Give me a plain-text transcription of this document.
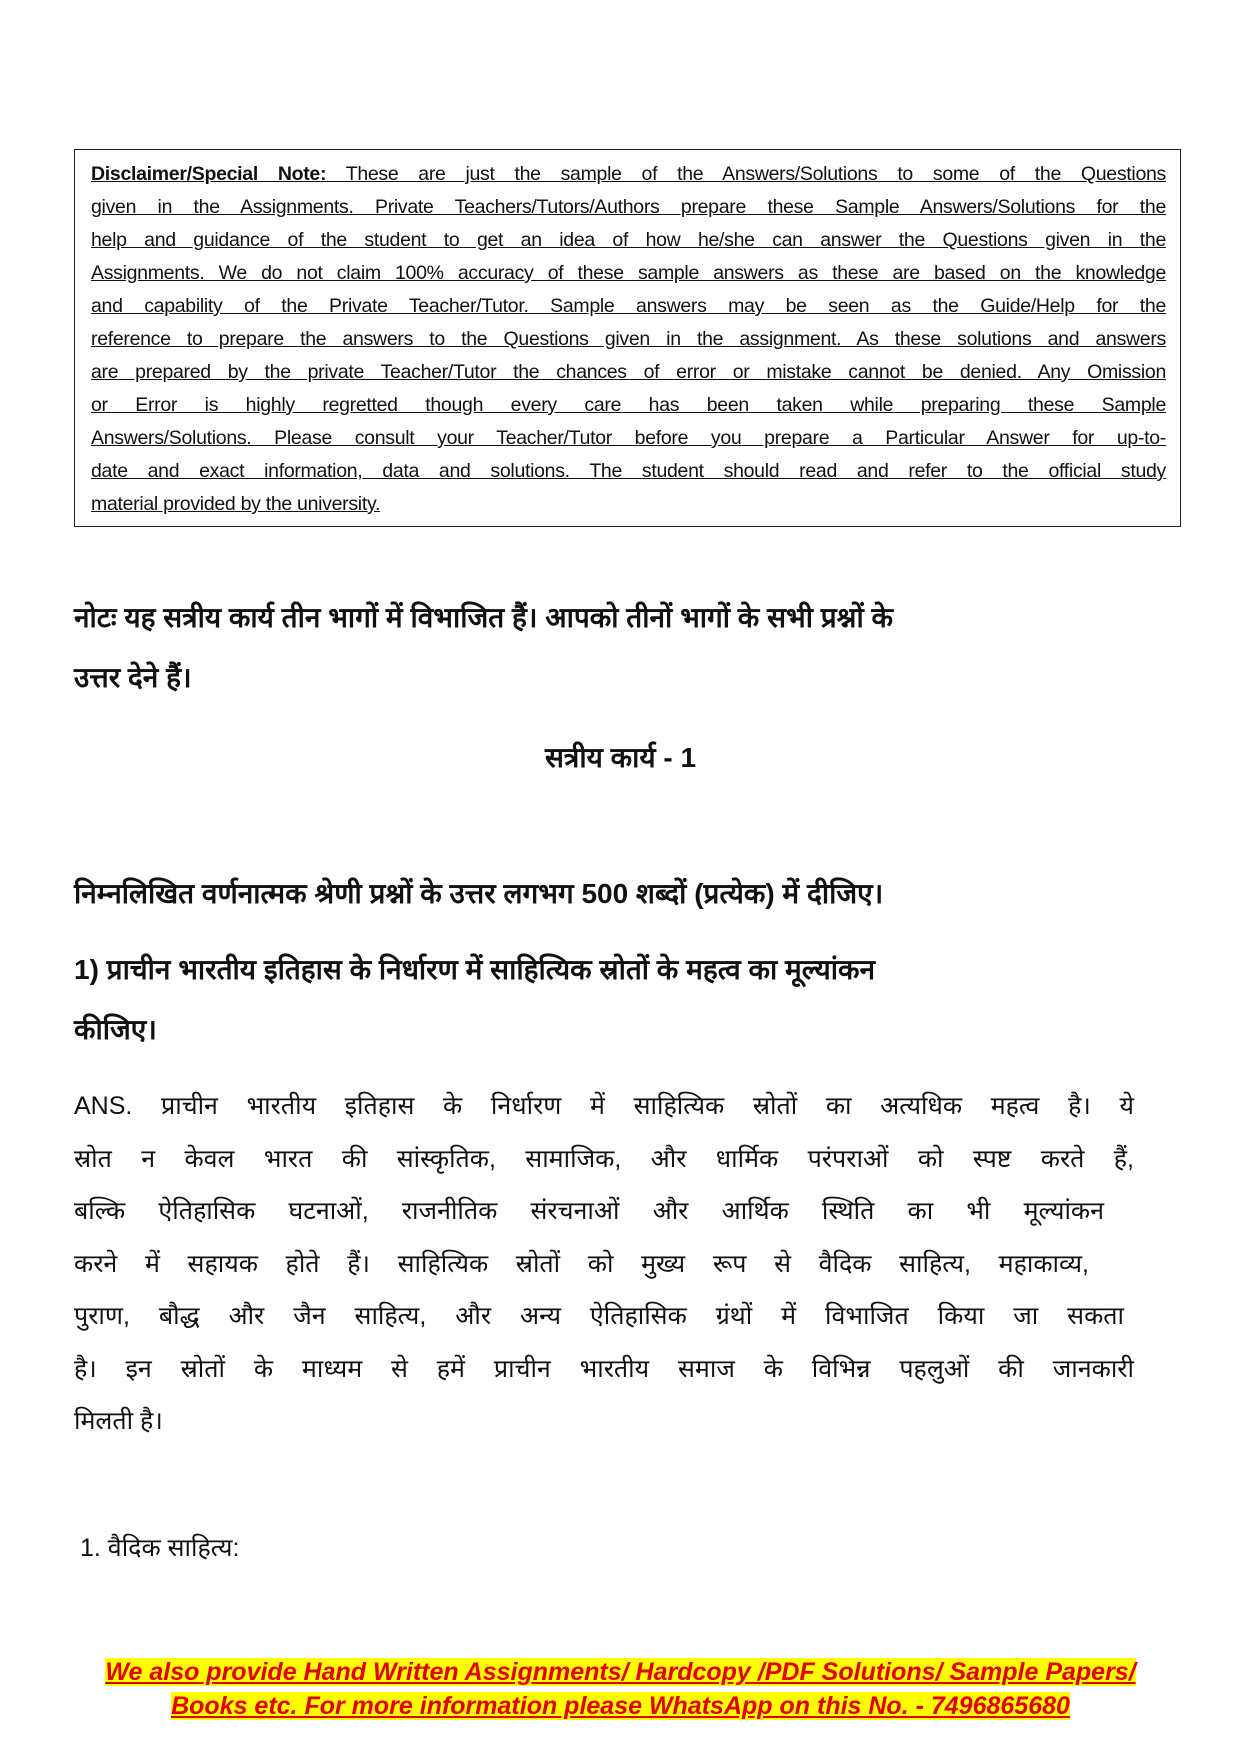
Disclaimer/Special Note: These are just the sample of the Answers/Solutions to some of the Questions
given in the Assignments. Private Teachers/Tutors/Authors prepare these Sample Answers/Solutions for the
help and guidance of the student to get an idea of how he/she can answer the Questions given in the
Assignments. We do not claim 100% accuracy of these sample answers as these are based on the knowledge
and capability of the Private Teacher/Tutor. Sample answers may be seen as the Guide/Help for the
reference to prepare the answers to the Questions given in the assignment. As these solutions and answers
are prepared by the private Teacher/Tutor the chances of error or mistake cannot be denied. Any Omission
or Error is highly regretted though every care has been taken while preparing these Sample
Answers/Solutions. Please consult your Teacher/Tutor before you prepare a Particular Answer for up-to-
date and exact information, data and solutions. The student should read and refer to the official study
material provided by the university.
नोटः यह सत्रीय कार्य तीन भागों में विभाजित हैं। आपको तीनों भागों के सभी प्रश्नों के
उत्तर देने हैं।
सत्रीय कार्य - 1
निम्नलिखित वर्णनात्मक श्रेणी प्रश्नों के उत्तर लगभग 500 शब्दों (प्रत्येक) में दीजिए।
1) प्राचीन भारतीय इतिहास के निर्धारण में साहित्यिक स्रोतों के महत्व का मूल्यांकन
कीजिए।
ANS. प्राचीन भारतीय इतिहास के निर्धारण में साहित्यिक स्रोतों का अत्यधिक महत्व है। ये
स्रोत न केवल भारत की सांस्कृतिक, सामाजिक, और धार्मिक परंपराओं को स्पष्ट करते हैं,
बल्कि ऐतिहासिक घटनाओं, राजनीतिक संरचनाओं और आर्थिक स्थिति का भी मूल्यांकन
करने में सहायक होते हैं। साहित्यिक स्रोतों को मुख्य रूप से वैदिक साहित्य, महाकाव्य,
पुराण, बौद्ध और जैन साहित्य, और अन्य ऐतिहासिक ग्रंथों में विभाजित किया जा सकता
है। इन स्रोतों के माध्यम से हमें प्राचीन भारतीय समाज के विभिन्न पहलुओं की जानकारी
मिलती है।
1. वैदिक साहित्य:
We also provide Hand Written Assignments/ Hardcopy /PDF Solutions/ Sample Papers/
Books etc. For more information please WhatsApp on this No. - 7496865680
